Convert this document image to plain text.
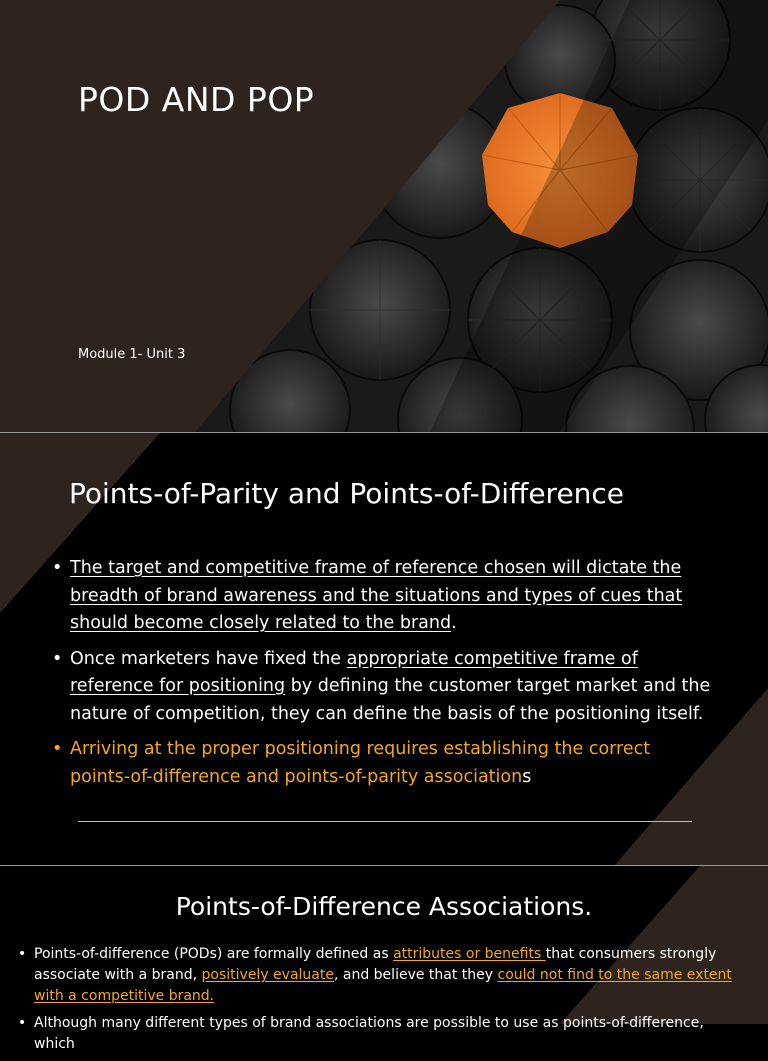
POD AND POP
Module 1- Unit 3
Points-of-Parity and Points-of-Difference
• The target and competitive frame of reference chosen will dictate the breadth of brand awareness and the situations and types of cues that should become closely related to the brand.
• Once marketers have fixed the appropriate competitive frame of reference for positioning by defining the customer target market and the nature of competition, they can define the basis of the positioning itself.
• Arriving at the proper positioning requires establishing the correct points-of-difference and points-of-parity associations
Points-of-Difference Associations.
• Points-of-difference (PODs) are formally defined as attributes or benefits that consumers strongly associate with a brand, positively evaluate, and believe that they could not find to the same extent with a competitive brand.
• Although many different types of brand associations are possible to use as points-of-difference, which
